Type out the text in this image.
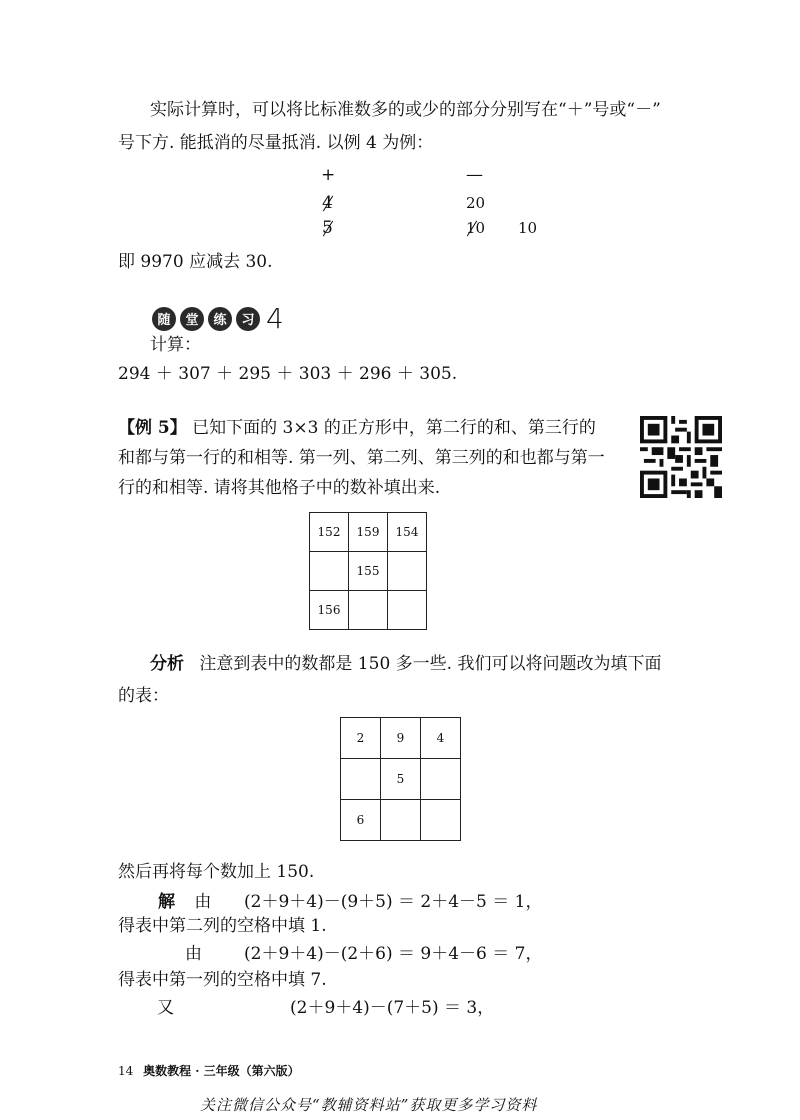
实际计算时，可以将比标准数多的或少的部分分别写在“＋”号或“－”
号下方. 能抵消的尽量抵消. 以例 4 为例：
+	—
4	20
5	10 10
即 9970 应减去 30.
随	堂	练	习 4
计算：
294 ＋ 307 ＋ 295 ＋ 303 ＋ 296 ＋ 305.
【例 5】 已知下面的 3×3 的正方形中，第二行的和、第三行的
和都与第一行的和相等. 第一列、第二列、第三列的和也都与第一
行的和相等. 请将其他格子中的数补填出来.
152	159	154
	155	
156		
分析 注意到表中的数都是 150 多一些. 我们可以将问题改为填下面
的表：
2	9	4
	5	
6		
然后再将每个数加上 150.
解 由 (2＋9＋4)－(9＋5) ＝ 2＋4－5 ＝ 1，
得表中第二列的空格中填 1.
由 (2＋9＋4)－(2＋6) ＝ 9＋4－6 ＝ 7，
得表中第一列的空格中填 7.
又	(2＋9＋4)－(7＋5) ＝ 3，
14 奥数教程 · 三年级（第六版）
关注微信公众号“教辅资料站”获取更多学习资料
